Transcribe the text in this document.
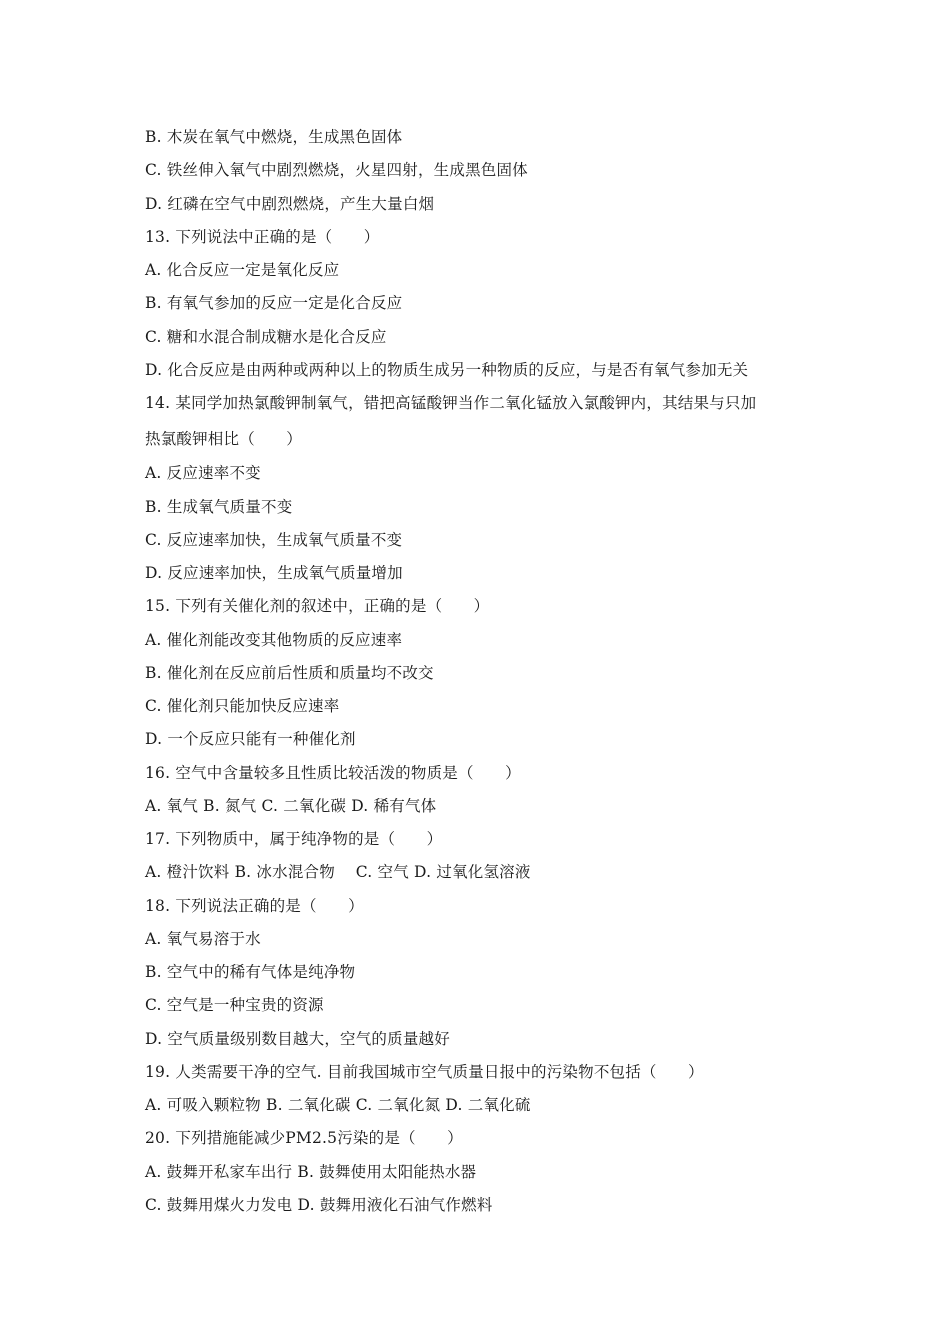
B. 木炭在氧气中燃烧，生成黑色固体
C. 铁丝伸入氧气中剧烈燃烧，火星四射，生成黑色固体
D. 红磷在空气中剧烈燃烧，产生大量白烟
13. 下列说法中正确的是（　　）
A. 化合反应一定是氧化反应
B. 有氧气参加的反应一定是化合反应
C. 糖和水混合制成糖水是化合反应
D. 化合反应是由两种或两种以上的物质生成另一种物质的反应，与是否有氧气参加无关
14. 某同学加热氯酸钾制氧气，错把高锰酸钾当作二氧化锰放入氯酸钾内，其结果与只加
热氯酸钾相比（　　）
A. 反应速率不变
B. 生成氧气质量不变
C. 反应速率加快，生成氧气质量不变
D. 反应速率加快，生成氧气质量增加
15. 下列有关催化剂的叙述中，正确的是（　　）
A. 催化剂能改变其他物质的反应速率
B. 催化剂在反应前后性质和质量均不改交
C. 催化剂只能加快反应速率
D. 一个反应只能有一种催化剂
16. 空气中含量较多且性质比较活泼的物质是（　　）
A. 氧气 B. 氮气 C. 二氧化碳 D. 稀有气体
17. 下列物质中，属于纯净物的是（　　）
A. 橙汁饮料 B. 冰水混合物　 C. 空气 D. 过氧化氢溶液
18. 下列说法正确的是（　　）
A. 氧气易溶于水
B. 空气中的稀有气体是纯净物
C. 空气是一种宝贵的资源
D. 空气质量级别数目越大，空气的质量越好
19. 人类需要干净的空气. 目前我国城市空气质量日报中的污染物不包括（　　）
A. 可吸入颗粒物 B. 二氧化碳 C. 二氧化氮 D. 二氧化硫
20. 下列措施能减少PM2.5污染的是（　　）
A. 鼓舞开私家车出行 B. 鼓舞使用太阳能热水器
C. 鼓舞用煤火力发电 D. 鼓舞用液化石油气作燃料
